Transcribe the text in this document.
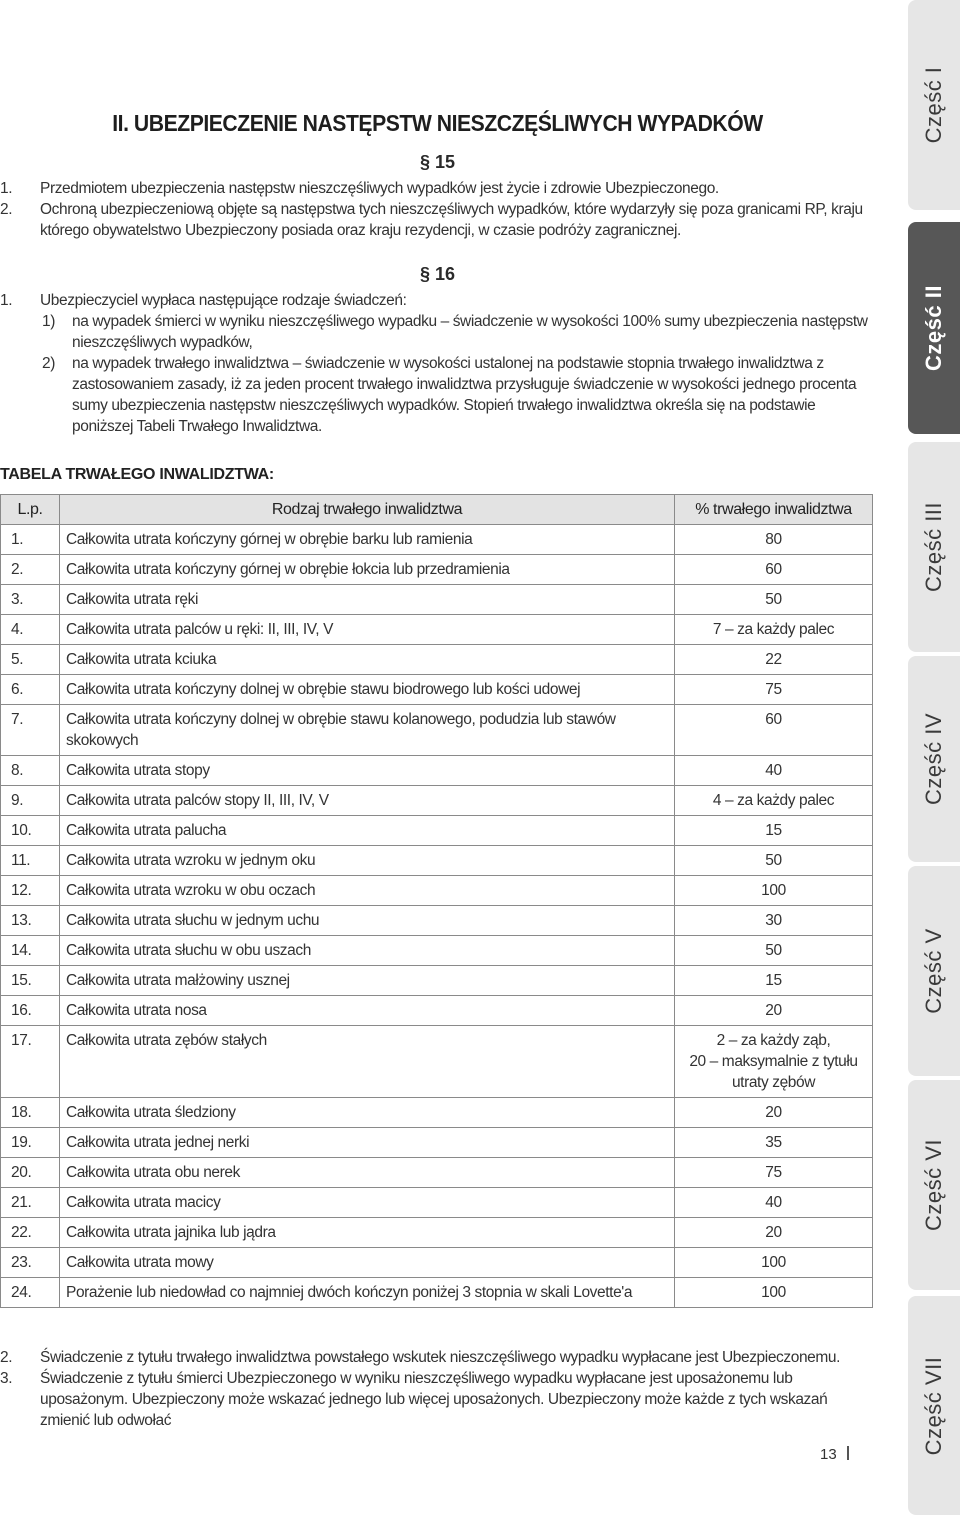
II. UBEZPIECZENIE NASTĘPSTW NIESZCZĘŚLIWYCH WYPADKÓW
§ 15
1. Przedmiotem ubezpieczenia następstw nieszczęśliwych wypadków jest życie i zdrowie Ubezpieczonego.
2. Ochroną ubezpieczeniową objęte są następstwa tych nieszczęśliwych wypadków, które wydarzyły się poza granicami RP, kraju którego obywatelstwo Ubezpieczony posiada oraz kraju rezydencji, w czasie podróży zagranicznej.
§ 16
1. Ubezpieczyciel wypłaca następujące rodzaje świadczeń:
1) na wypadek śmierci w wyniku nieszczęśliwego wypadku – świadczenie w wysokości 100% sumy ubezpieczenia następstw nieszczęśliwych wypadków,
2) na wypadek trwałego inwalidztwa – świadczenie w wysokości ustalonej na podstawie stopnia trwałego inwalidztwa z zastosowaniem zasady, iż za jeden procent trwałego inwalidztwa przysługuje świadczenie w wysokości jednego procenta sumy ubezpieczenia następstw nieszczęśliwych wypadków. Stopień trwałego inwalidztwa określa się na podstawie poniższej Tabeli Trwałego Inwalidztwa.
TABELA TRWAŁEGO INWALIDZTWA:
L.p.	Rodzaj trwałego inwalidztwa	% trwałego inwalidztwa
1.	Całkowita utrata kończyny górnej w obrębie barku lub ramienia	80
2.	Całkowita utrata kończyny górnej w obrębie łokcia lub przedramienia	60
3.	Całkowita utrata ręki	50
4.	Całkowita utrata palców u ręki: II, III, IV, V	7 – za każdy palec
5.	Całkowita utrata kciuka	22
6.	Całkowita utrata kończyny dolnej w obrębie stawu biodrowego lub kości udowej	75
7.	Całkowita utrata kończyny dolnej w obrębie stawu kolanowego, podudzia lub stawów skokowych	60
8.	Całkowita utrata stopy	40
9.	Całkowita utrata palców stopy II, III, IV, V	4 – za każdy palec
10.	Całkowita utrata palucha	15
11.	Całkowita utrata wzroku w jednym oku	50
12.	Całkowita utrata wzroku w obu oczach	100
13.	Całkowita utrata słuchu w jednym uchu	30
14.	Całkowita utrata słuchu w obu uszach	50
15.	Całkowita utrata małżowiny usznej	15
16.	Całkowita utrata nosa	20
17.	Całkowita utrata zębów stałych	2 – za każdy ząb,
20 – maksymalnie z tytułu utraty zębów
18.	Całkowita utrata śledziony	20
19.	Całkowita utrata jednej nerki	35
20.	Całkowita utrata obu nerek	75
21.	Całkowita utrata macicy	40
22.	Całkowita utrata jajnika lub jądra	20
23.	Całkowita utrata mowy	100
24.	Porażenie lub niedowład co najmniej dwóch kończyn poniżej 3 stopnia w skali Lovette'a	100
2. Świadczenie z tytułu trwałego inwalidztwa powstałego wskutek nieszczęśliwego wypadku wypłacane jest Ubezpieczonemu.
3. Świadczenie z tytułu śmierci Ubezpieczonego w wyniku nieszczęśliwego wypadku wypłacane jest uposażonemu lub uposażonym. Ubezpieczony może wskazać jednego lub więcej uposażonych. Ubezpieczony może każde z tych wskazań zmienić lub odwołać
13
Część I
Część II
Część III
Część IV
Część V
Część VI
Część VII
